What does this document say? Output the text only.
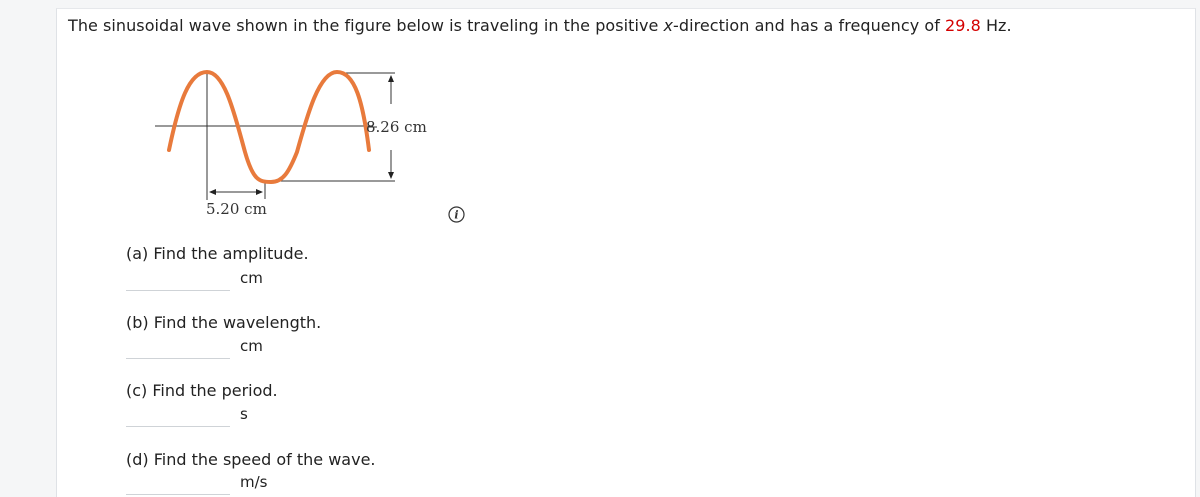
The sinusoidal wave shown in the figure below is traveling in the positive x-direction and has a frequency of 29.8 Hz.
8.26 cm
5.20 cm	i
(a) Find the amplitude.
cm
(b) Find the wavelength.
cm
(c) Find the period.
s
(d) Find the speed of the wave.
m/s
